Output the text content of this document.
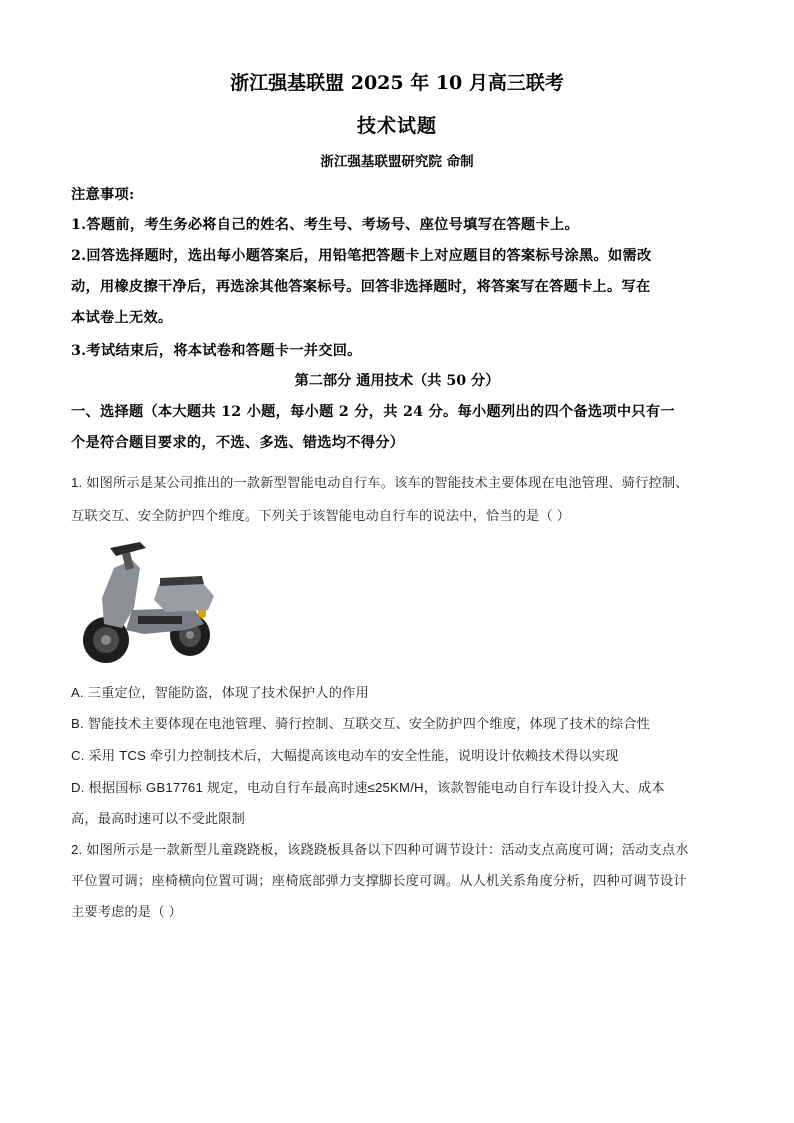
浙江强基联盟 2025 年 10 月高三联考
技术试题
浙江强基联盟研究院 命制
注意事项:
1.答题前，考生务必将自己的姓名、考生号、考场号、座位号填写在答题卡上。
2.回答选择题时，选出每小题答案后，用铅笔把答题卡上对应题目的答案标号涂黑。如需改
动，用橡皮擦干净后，再选涂其他答案标号。回答非选择题时，将答案写在答题卡上。写在
本试卷上无效。
3.考试结束后，将本试卷和答题卡一并交回。
第二部分 通用技术（共 50 分）
一、选择题（本大题共 12 小题，每小题 2 分，共 24 分。每小题列出的四个备选项中只有一
个是符合题目要求的，不选、多选、错选均不得分）
1. 如图所示是某公司推出的一款新型智能电动自行车。该车的智能技术主要体现在电池管理、骑行控制、
互联交互、安全防护四个维度。下列关于该智能电动自行车的说法中，恰当的是（ ）
A. 三重定位，智能防盗，体现了技术保护人的作用
B. 智能技术主要体现在电池管理、骑行控制、互联交互、安全防护四个维度，体现了技术的综合性
C. 采用 TCS 牵引力控制技术后，大幅提高该电动车的安全性能，说明设计依赖技术得以实现
D. 根据国标 GB17761 规定，电动自行车最高时速≤25KM/H，该款智能电动自行车设计投入大、成本
高，最高时速可以不受此限制
2. 如图所示是一款新型儿童跷跷板，该跷跷板具备以下四种可调节设计：活动支点高度可调；活动支点水
平位置可调；座椅横向位置可调；座椅底部弹力支撑脚长度可调。从人机关系角度分析，四种可调节设计
主要考虑的是（ ）
